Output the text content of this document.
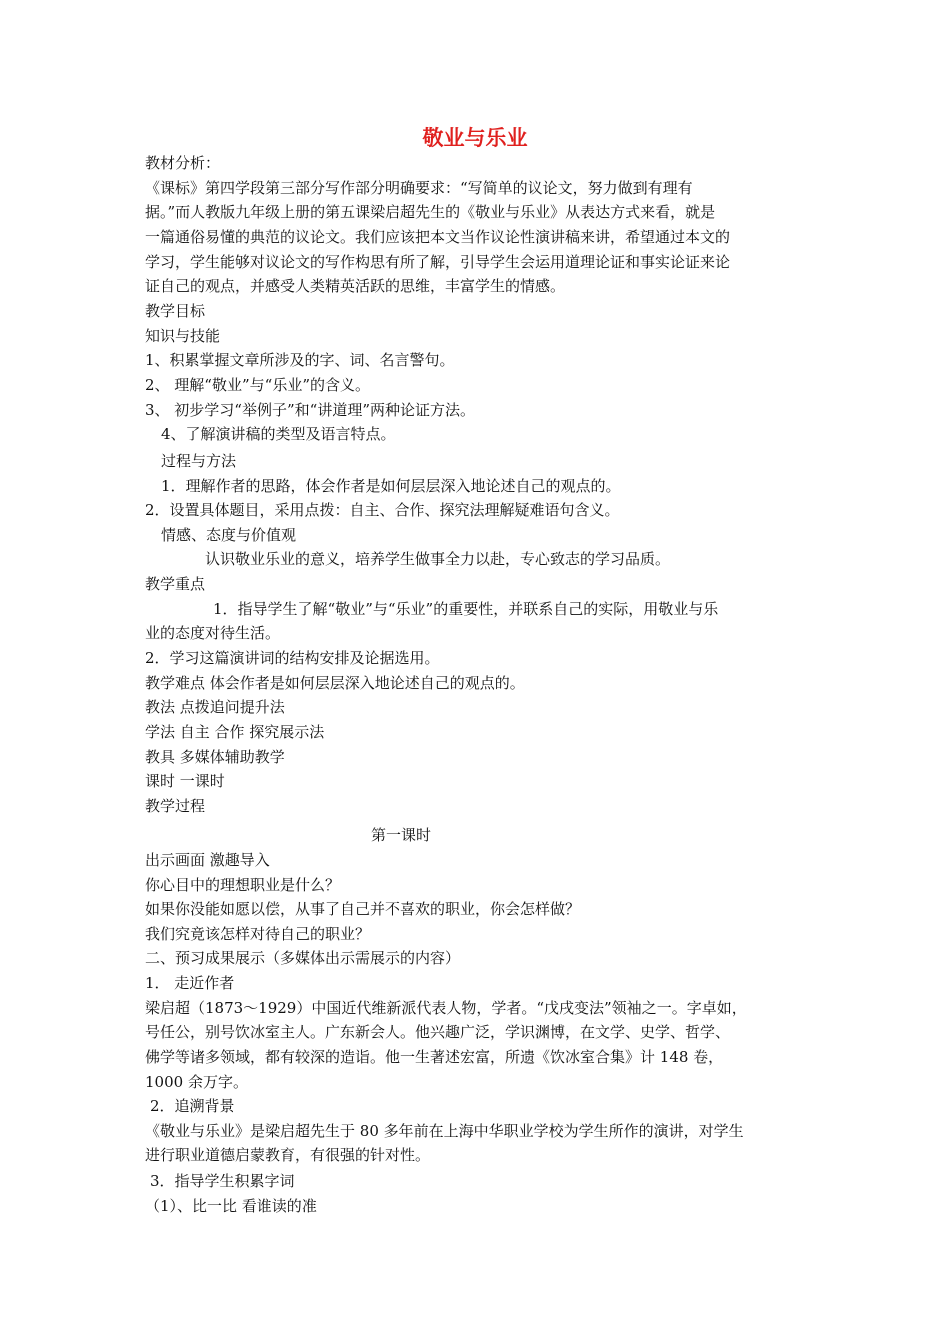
敬业与乐业
教材分析：
《课标》第四学段第三部分写作部分明确要求：“写简单的议论文，努力做到有理有
据。”而人教版九年级上册的第五课梁启超先生的《敬业与乐业》从表达方式来看，就是
一篇通俗易懂的典范的议论文。我们应该把本文当作议论性演讲稿来讲，希望通过本文的
学习，学生能够对议论文的写作构思有所了解，引导学生会运用道理论证和事实论证来论
证自己的观点，并感受人类精英活跃的思维，丰富学生的情感。
教学目标
知识与技能
1、积累掌握文章所涉及的字、词、名言警句。
2、 理解“敬业”与“乐业”的含义。
3、 初步学习“举例子”和“讲道理”两种论证方法。
4、了解演讲稿的类型及语言特点。
过程与方法
1．理解作者的思路，体会作者是如何层层深入地论述自己的观点的。
2．设置具体题目，采用点拨：自主、合作、探究法理解疑难语句含义。
情感、态度与价值观
认识敬业乐业的意义，培养学生做事全力以赴，专心致志的学习品质。
教学重点
1．指导学生了解“敬业”与“乐业”的重要性，并联系自己的实际，用敬业与乐
业的态度对待生活。
2．学习这篇演讲词的结构安排及论据选用。
教学难点 体会作者是如何层层深入地论述自己的观点的。
教法 点拨追问提升法
学法 自主 合作 探究展示法
教具 多媒体辅助教学
课时 一课时
教学过程
第一课时
出示画面 激趣导入
你心目中的理想职业是什么？
如果你没能如愿以偿，从事了自己并不喜欢的职业，你会怎样做？
我们究竟该怎样对待自己的职业？
二、预习成果展示（多媒体出示需展示的内容）
1． 走近作者
梁启超（1873～1929）中国近代维新派代表人物，学者。“戊戌变法”领袖之一。字卓如，
号任公，别号饮冰室主人。广东新会人。他兴趣广泛，学识渊博，在文学、史学、哲学、
佛学等诸多领域，都有较深的造诣。他一生著述宏富，所遗《饮冰室合集》计 148 卷，
1000 余万字。
2．追溯背景
《敬业与乐业》是梁启超先生于 80 多年前在上海中华职业学校为学生所作的演讲，对学生
进行职业道德启蒙教育，有很强的针对性。
3．指导学生积累字词
（1）、比一比 看谁读的准
